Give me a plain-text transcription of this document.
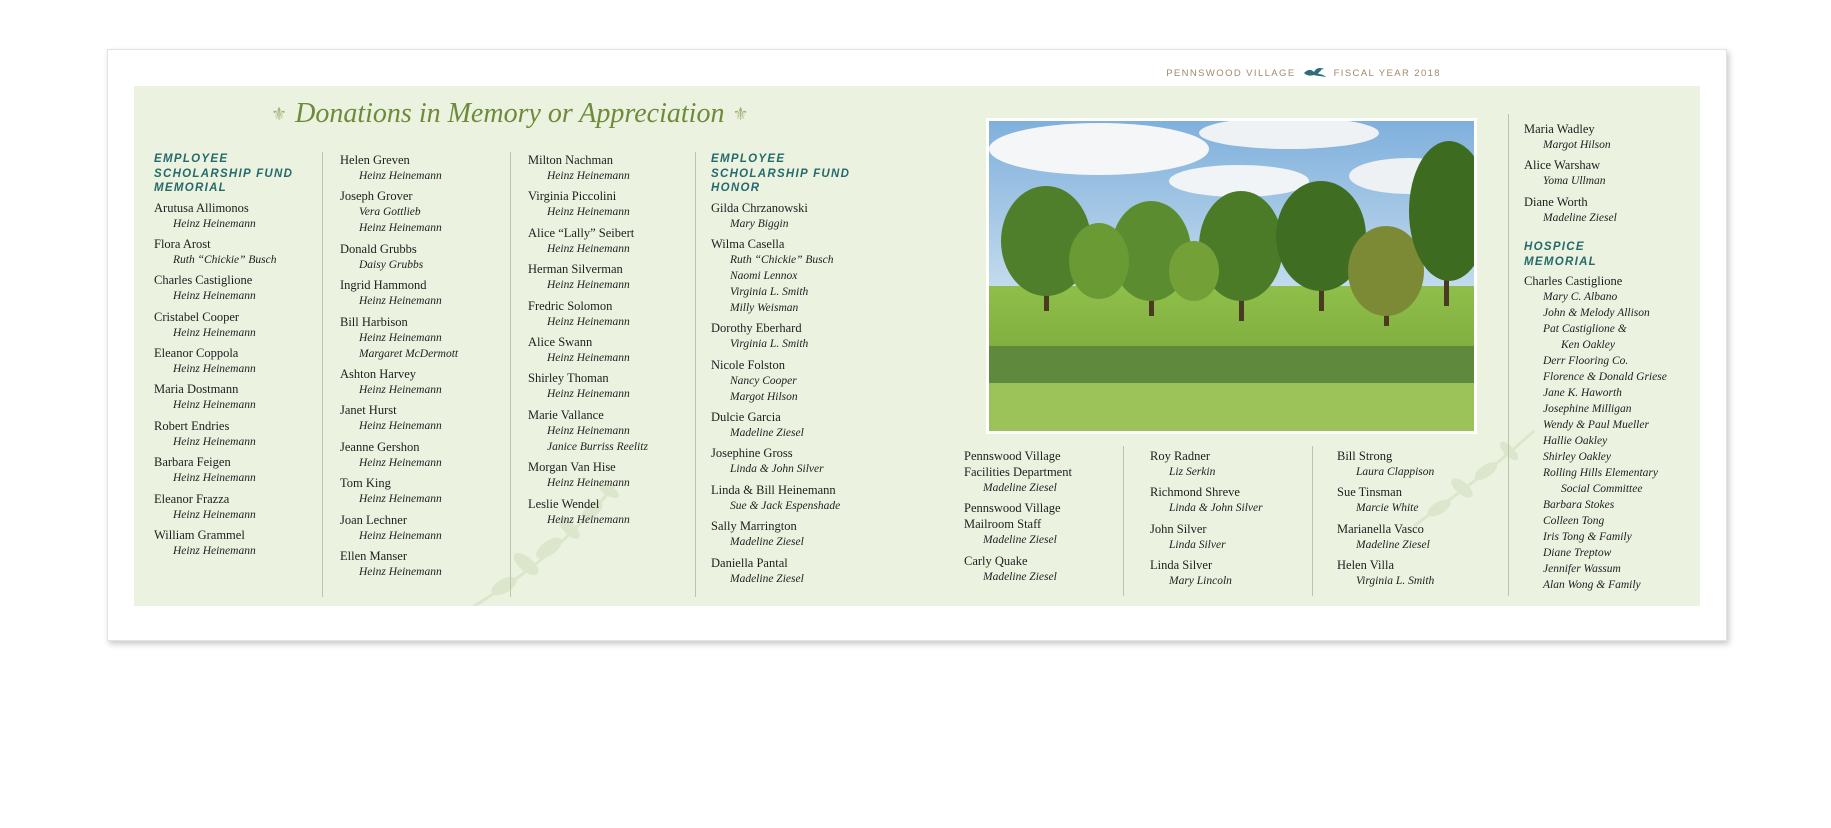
PENNSWOOD VILLAGE	FISCAL YEAR 2018
⚜ Donations in Memory or Appreciation ⚜
EMPLOYEE
SCHOLARSHIP FUND
MEMORIAL
Arutusa Allimonos
Heinz Heinemann
Flora Arost
Ruth “Chickie” Busch
Charles Castiglione
Heinz Heinemann
Cristabel Cooper
Heinz Heinemann
Eleanor Coppola
Heinz Heinemann
Maria Dostmann
Heinz Heinemann
Robert Endries
Heinz Heinemann
Barbara Feigen
Heinz Heinemann
Eleanor Frazza
Heinz Heinemann
William Grammel
Heinz Heinemann
Helen Greven
Heinz Heinemann
Joseph Grover
Vera Gottlieb
Heinz Heinemann
Donald Grubbs
Daisy Grubbs
Ingrid Hammond
Heinz Heinemann
Bill Harbison
Heinz Heinemann
Margaret McDermott
Ashton Harvey
Heinz Heinemann
Janet Hurst
Heinz Heinemann
Jeanne Gershon
Heinz Heinemann
Tom King
Heinz Heinemann
Joan Lechner
Heinz Heinemann
Ellen Manser
Heinz Heinemann
Milton Nachman
Heinz Heinemann
Virginia Piccolini
Heinz Heinemann
Alice “Lally” Seibert
Heinz Heinemann
Herman Silverman
Heinz Heinemann
Fredric Solomon
Heinz Heinemann
Alice Swann
Heinz Heinemann
Shirley Thoman
Heinz Heinemann
Marie Vallance
Heinz Heinemann
Janice Burriss Reelitz
Morgan Van Hise
Heinz Heinemann
Leslie Wendel
Heinz Heinemann
EMPLOYEE
SCHOLARSHIP FUND
HONOR
Gilda Chrzanowski
Mary Biggin
Wilma Casella
Ruth “Chickie” Busch
Naomi Lennox
Virginia L. Smith
Milly Weisman
Dorothy Eberhard
Virginia L. Smith
Nicole Folston
Nancy Cooper
Margot Hilson
Dulcie Garcia
Madeline Ziesel
Josephine Gross
Linda & John Silver
Linda & Bill Heinemann
Sue & Jack Espenshade
Sally Marrington
Madeline Ziesel
Daniella Pantal
Madeline Ziesel
Pennswood Village
Facilities Department
Madeline Ziesel
Pennswood Village
Mailroom Staff
Madeline Ziesel
Carly Quake
Madeline Ziesel
Roy Radner
Liz Serkin
Richmond Shreve
Linda & John Silver
John Silver
Linda Silver
Linda Silver
Mary Lincoln
Bill Strong
Laura Clappison
Sue Tinsman
Marcie White
Marianella Vasco
Madeline Ziesel
Helen Villa
Virginia L. Smith
Maria Wadley
Margot Hilson
Alice Warshaw
Yoma Ullman
Diane Worth
Madeline Ziesel
HOSPICE
MEMORIAL
Charles Castiglione
Mary C. Albano
John & Melody Allison
Pat Castiglione &
Ken Oakley
Derr Flooring Co.
Florence & Donald Griese
Jane K. Haworth
Josephine Milligan
Wendy & Paul Mueller
Hallie Oakley
Shirley Oakley
Rolling Hills Elementary
Social Committee
Barbara Stokes
Colleen Tong
Iris Tong & Family
Diane Treptow
Jennifer Wassum
Alan Wong & Family
